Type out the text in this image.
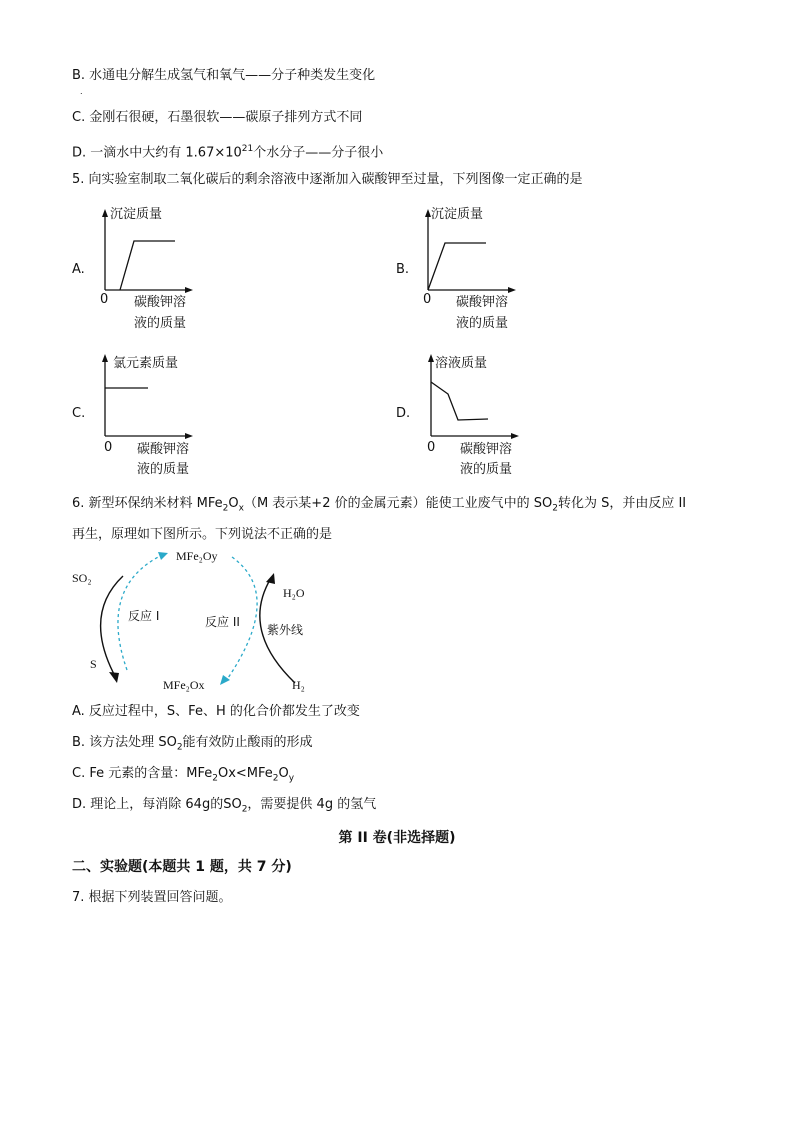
B. 水通电分解生成氢气和氧气——分子种类发生变化
.
C. 金刚石很硬，石墨很软——碳原子排列方式不同
D. 一滴水中大约有 $1.67\times 10^{21}$个水分子——分子很小
5. 向实验室制取二氧化碳后的剩余溶液中逐渐加入碳酸钾至过量，下列图像一定正确的是
A.
沉淀质量
0 碳酸钾溶
液的质量
B.
沉淀质量
0 碳酸钾溶
液的质量
C.
氯元素质量
0 碳酸钾溶
液的质量
D.
溶液质量
0 碳酸钾溶
液的质量
6. 新型环保纳米材料 $MFe_2O_x(M$ 表示某+2 价的金属元素）能使工业废气中的 $SO_2$转化为 S，并由反应 II
再生，原理如下图所示。下列说法不正确的是
MFe₂Oy
SO₂
H₂O
反应 I	反应 II
紫外线
S
MFe₂Ox	H₂
A. 反应过程中，S、Fe、H 的化合价都发生了改变
B. 该方法处理 $SO_2$能有效防止酸雨的形成
C. Fe 元素的含量：$MFe_2Ox<MFe_2O_y$
D. 理论上，每消除 64g的$SO_2$，需要提供 4g 的氢气
第 II 卷(非选择题)
二、实验题(本题共 1 题，共 7 分)
7. 根据下列装置回答问题。
